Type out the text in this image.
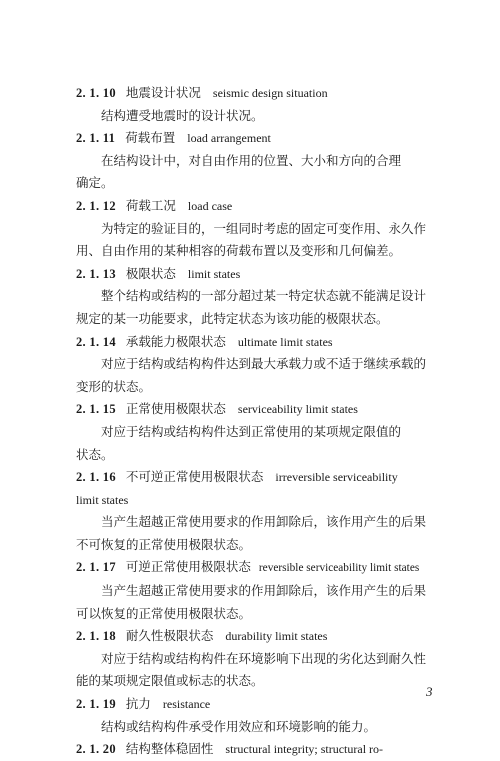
2. 1. 10 地震设计状况 seismic design situation
结构遭受地震时的设计状况。
2. 1. 11 荷载布置 load arrangement
在结构设计中，对自由作用的位置、大小和方向的合理
确定。
2. 1. 12 荷载工况 load case
为特定的验证目的，一组同时考虑的固定可变作用、永久作
用、自由作用的某种相容的荷载布置以及变形和几何偏差。
2. 1. 13 极限状态 limit states
整个结构或结构的一部分超过某一特定状态就不能满足设计
规定的某一功能要求，此特定状态为该功能的极限状态。
2. 1. 14 承载能力极限状态 ultimate limit states
对应于结构或结构构件达到最大承载力或不适于继续承载的
变形的状态。
2. 1. 15 正常使用极限状态 serviceability limit states
对应于结构或结构构件达到正常使用的某项规定限值的
状态。
2. 1. 16 不可逆正常使用极限状态 irreversible serviceability
limit states
当产生超越正常使用要求的作用卸除后，该作用产生的后果
不可恢复的正常使用极限状态。
2. 1. 17 可逆正常使用极限状态 reversible serviceability limit states
当产生超越正常使用要求的作用卸除后，该作用产生的后果
可以恢复的正常使用极限状态。
2. 1. 18 耐久性极限状态 durability limit states
对应于结构或结构构件在环境影响下出现的劣化达到耐久性
能的某项规定限值或标志的状态。
2. 1. 19 抗力 resistance
结构或结构构件承受作用效应和环境影响的能力。
2. 1. 20 结构整体稳固性 structural integrity; structural ro-
3
